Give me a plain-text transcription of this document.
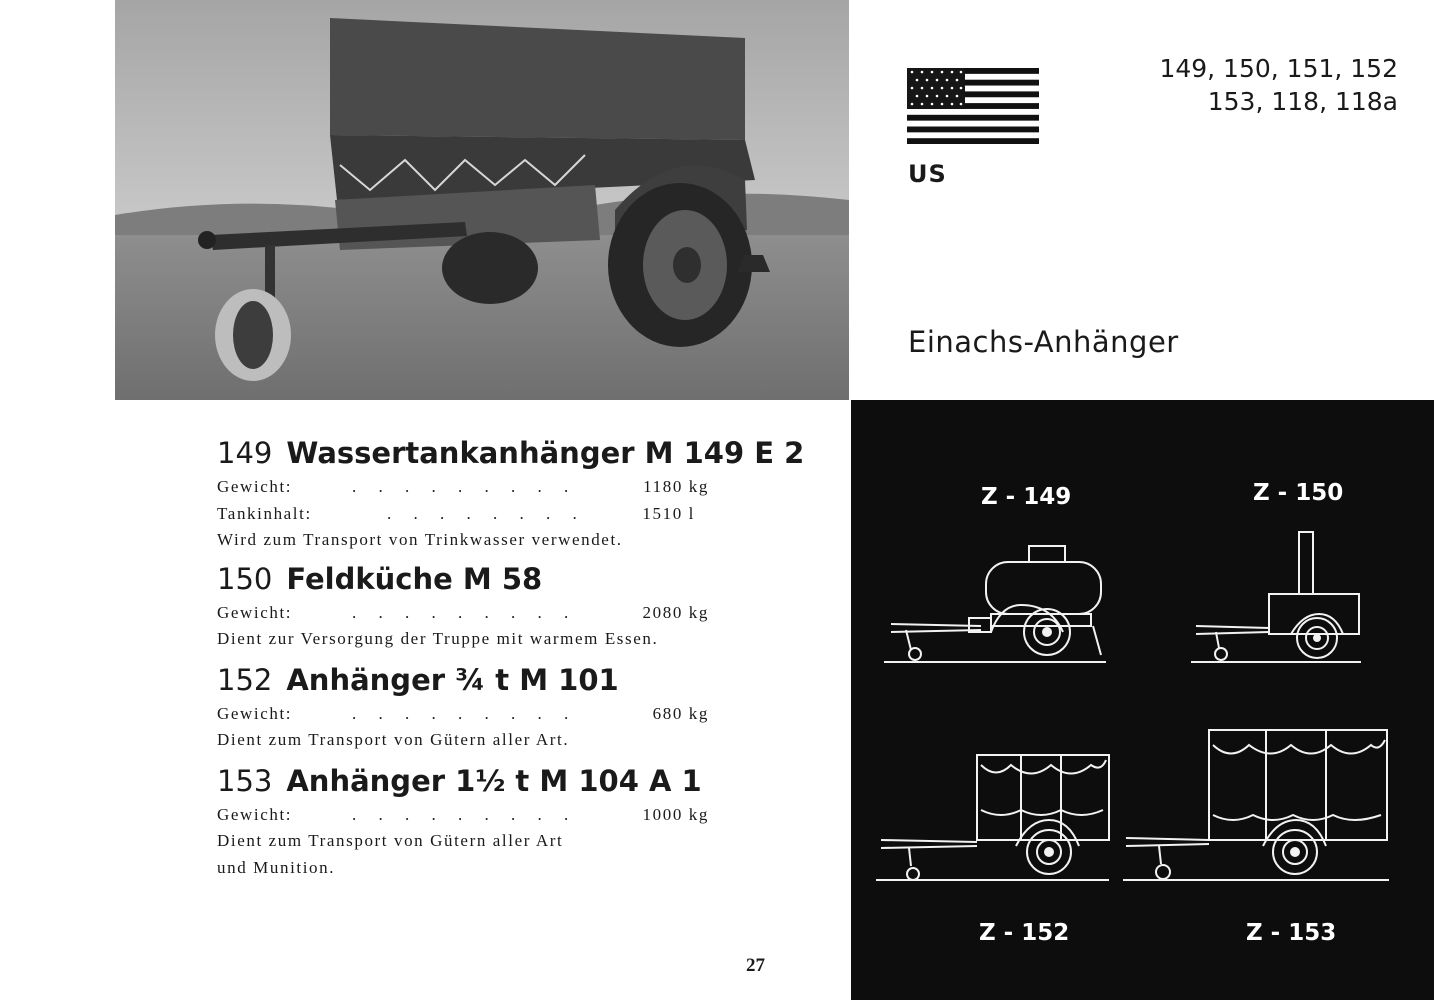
US
149, 150, 151, 152
153, 118, 118a
Einachs-Anhänger
149 Wassertankanhänger M 149 E 2
Gewicht:	. . . . . . . . .	1180 kg
Tankinhalt:	. . . . . . . .	1510 l
Wird zum Transport von Trinkwasser verwendet.
150 Feldküche M 58
Gewicht:	. . . . . . . . .	2080 kg
Dient zur Versorgung der Truppe mit warmem Essen.
152 Anhänger ¾ t M 101
Gewicht:	. . . . . . . . .	680 kg
Dient zum Transport von Gütern aller Art.
153 Anhänger 1½ t M 104 A 1
Gewicht:	. . . . . . . . .	1000 kg
Dient zum Transport von Gütern aller Art
und Munition.
27
Z - 149	Z - 150
Z - 152	Z - 153
